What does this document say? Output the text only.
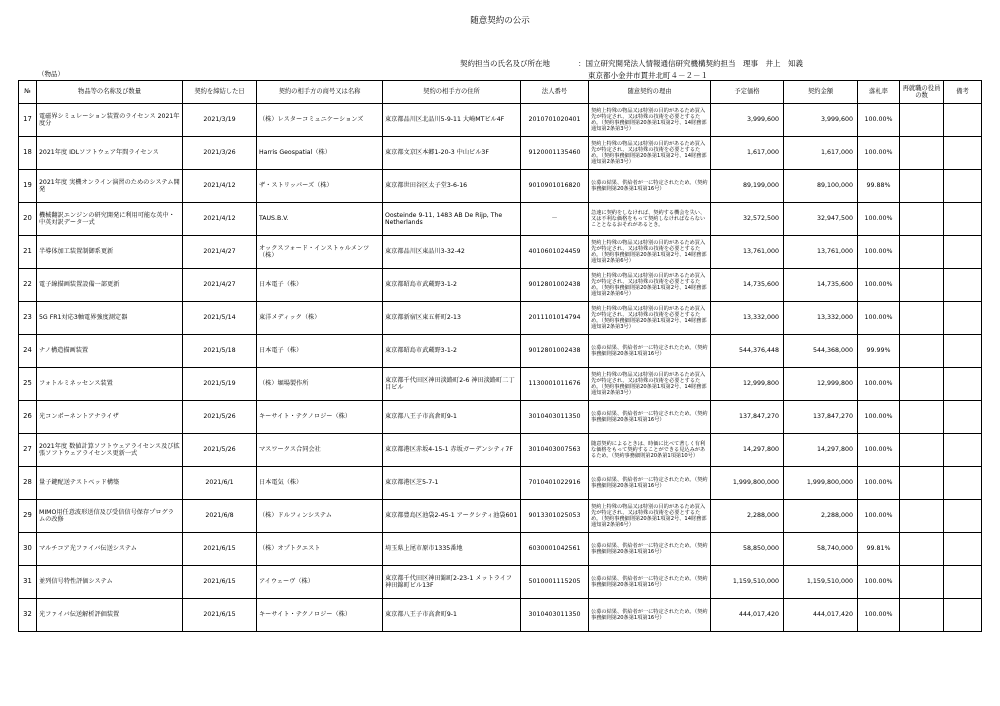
随意契約の公示
契約担当の氏名及び所在地	：国立研究開発法人情報通信研究機構契約担当　理事　井上　知義
東京都小金井市貫井北町４－２－１
（物品）
№	物品等の名称及び数量	契約を締結した日	契約の相手方の商号又は名称	契約の相手方の住所	法人番号	随意契約の理由	予定価格	契約金額	落札率	再就職の役員の数	備考
17	電磁界シミュレーション装置のライセンス 2021年度分	2021/3/19	（株）レスターコミュニケーションズ	東京都品川区北品川5-9-11 大崎MTビル4F	2010701020401	契約上特殊の物品又は特別の目的があるため買入先が特定され、又は特殊の技術を必要とするため。（契約事務細則第20条第1項第2号、14財務部通知第2条第3号）	3,999,600	3,999,600	100.00%		
18	2021年度 IDLソフトウェア年間ライセンス	2021/3/26	Harris Geospatial（株）	東京都文京区本郷1-20-3 中山ビル3F	9120001135460	契約上特殊の物品又は特別の目的があるため買入先が特定され、又は特殊の技術を必要とするため。（契約事務細則第20条第1項第2号、14財務部通知第2条第3号）	1,617,000	1,617,000	100.00%		
19	2021年度 実機オンライン演習のためのシステム開発	2021/4/12	ザ・ストリッパーズ（株）	東京都世田谷区太子堂3-6-16	9010901016820	公募の結果、供給者が一に特定されたため。（契約事務細則第20条第1項第16号）	89,199,000	89,100,000	99.88%		
20	機械翻訳エンジンの研究開発に利用可能な英中・中英対訳データ一式	2021/4/12	TAUS.B.V.	Oosteinde 9-11, 1483 AB De Rijp, The Netherlands	－	急速に契約をしなければ、契約する機会を失い、又は不利な価格をもって契約しなければならないこととなるおそれがあるとき。	32,572,500	32,947,500	100.00%		
21	半導体加工装置制御系更新	2021/4/27	オックスフォード・インストゥルメンツ（株）	東京都品川区東品川3-32-42	4010601024459	契約上特殊の物品又は特別の目的があるため買入先が特定され、又は特殊の技術を必要とするため。（契約事務細則第20条第1項第2号、14財務部通知第2条第6号）	13,761,000	13,761,000	100.00%		
22	電子線描画装置設備一部更新	2021/4/27	日本電子（株）	東京都昭島市武蔵野3-1-2	9012801002438	契約上特殊の物品又は特別の目的があるため買入先が特定され、又は特殊の技術を必要とするため。（契約事務細則第20条第1項第2号、14財務部通知第2条第6号）	14,735,600	14,735,600	100.00%		
23	5G FR1対応3軸電界強度測定器	2021/5/14	東洋メディック（株）	東京都新宿区東五軒町2-13	2011101014794	契約上特殊の物品又は特別の目的があるため買入先が特定され、又は特殊の技術を必要とするため。（契約事務細則第20条第1項第2号、14財務部通知第2条第3号）	13,332,000	13,332,000	100.00%		
24	ナノ構造描画装置	2021/5/18	日本電子（株）	東京都昭島市武蔵野3-1-2	9012801002438	公募の結果、供給者が一に特定されたため。（契約事務細則第20条第1項第16号）	544,376,448	544,368,000	99.99%		
25	フォトルミネッセンス装置	2021/5/19	（株）堀場製作所	東京都千代田区神田淡路町2-6 神田淡路町二丁目ビル	1130001011676	契約上特殊の物品又は特別の目的があるため買入先が特定され、又は特殊の技術を必要とするため。（契約事務細則第20条第1項第2号、14財務部通知第2条第3号）	12,999,800	12,999,800	100.00%		
26	光コンポーネントアナライザ	2021/5/26	キーサイト・テクノロジー（株）	東京都八王子市高倉町9-1	3010403011350	公募の結果、供給者が一に特定されたため。（契約事務細則第20条第1項第16号）	137,847,270	137,847,270	100.00%		
27	2021年度 数値計算ソフトウェアライセンス及び拡張ソフトウェアライセンス更新一式	2021/5/26	マスワークス合同会社	東京都港区赤坂4-15-1 赤坂ガーデンシティ7F	3010403007563	随意契約によるときは、時価に比べて著しく有利な価格をもって契約することができる見込みがあるため。（契約事務細則第20条第1項第10号）	14,297,800	14,297,800	100.00%		
28	量子鍵配送テストベッド構築	2021/6/1	日本電気（株）	東京都港区芝5-7-1	7010401022916	公募の結果、供給者が一に特定されたため。（契約事務細則第20条第1項第16号）	1,999,800,000	1,999,800,000	100.00%		
29	MIMO用任意波形送信及び受信信号保存プログラムの改修	2021/6/8	（株）ドルフィンシステム	東京都豊島区池袋2-45-1 アークシティ池袋601	9013301025053	契約上特殊の物品又は特別の目的があるため買入先が特定され、又は特殊の技術を必要とするため。（契約事務細則第20条第1項第2号、14財務部通知第2条第6号）	2,288,000	2,288,000	100.00%		
30	マルチコア光ファイバ伝送システム	2021/6/15	（株）オプトクエスト	埼玉県上尾市原市1335番地	6030001042561	公募の結果、供給者が一に特定されたため。（契約事務細則第20条第1項第16号）	58,850,000	58,740,000	99.81%		
31	並列信号特性評価システム	2021/6/15	アイウェーヴ（株）	東京都千代田区神田錦町2-23-1 メットライフ神田錦町ビル13F	5010001115205	公募の結果、供給者が一に特定されたため。（契約事務細則第20条第1項第16号）	1,159,510,000	1,159,510,000	100.00%		
32	光ファイバ伝送解析評価装置	2021/6/15	キーサイト・テクノロジー（株）	東京都八王子市高倉町9-1	3010403011350	公募の結果、供給者が一に特定されたため。（契約事務細則第20条第1項第16号）	444,017,420	444,017,420	100.00%		
